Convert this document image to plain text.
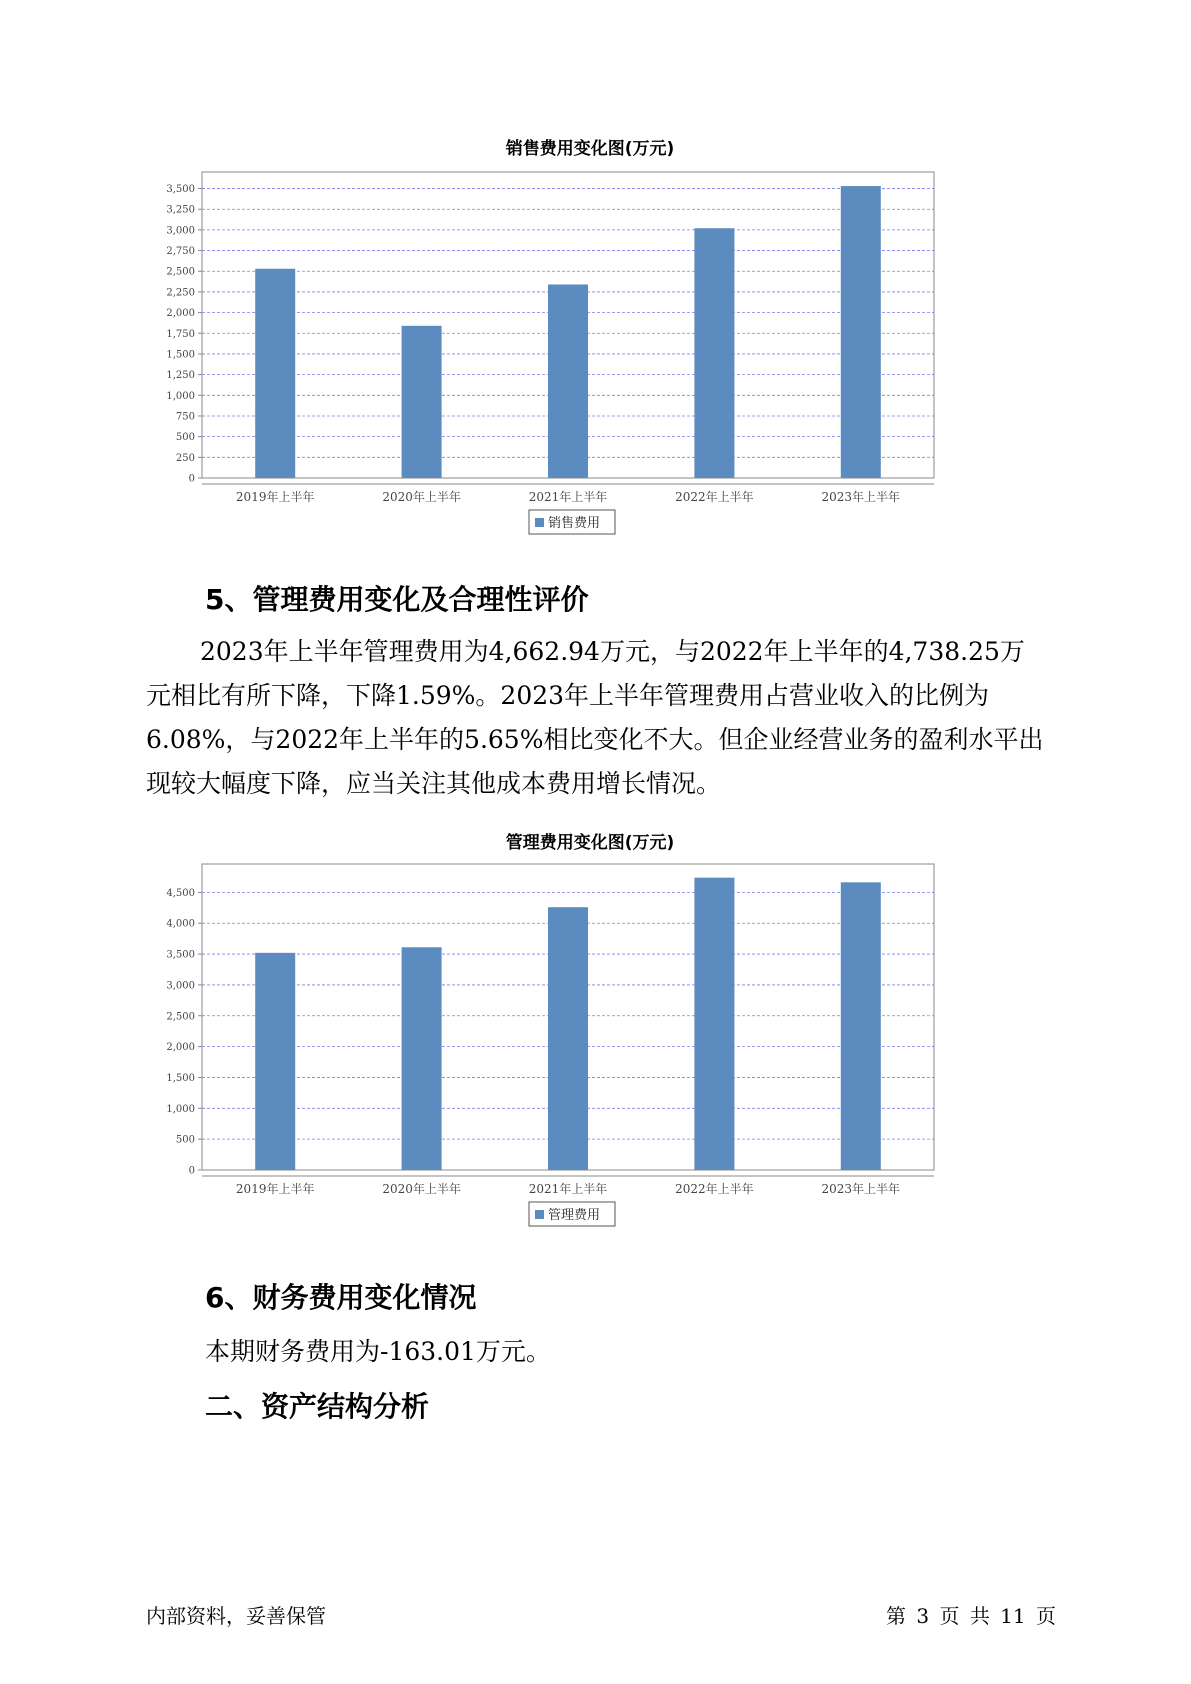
销售费用变化图(万元)
0
250
500
750
1,000
1,250
1,500
1,750
2,000
2,250
2,500
2,750
3,000
3,250
3,500
2019年上半年	2020年上半年	2021年上半年	2022年上半年	2023年上半年
销售费用
5、管理费用变化及合理性评价

2023年上半年管理费用为4,662.94万元，与2022年上半年的4,738.25万元相比有所下降，下降1.59%。2023年上半年管理费用占营业收入的比例为6.08%，与2022年上半年的5.65%相比变化不大。但企业经营业务的盈利水平出现较大幅度下降，应当关注其他成本费用增长情况。

管理费用变化图(万元)
0
500
1,000
1,500
2,000
2,500
3,000
3,500
4,000
4,500
2019年上半年	2020年上半年	2021年上半年	2022年上半年	2023年上半年
管理费用
6、财务费用变化情况
本期财务费用为-163.01万元。
二、资产结构分析
内部资料，妥善保管	第 3 页 共 11 页
